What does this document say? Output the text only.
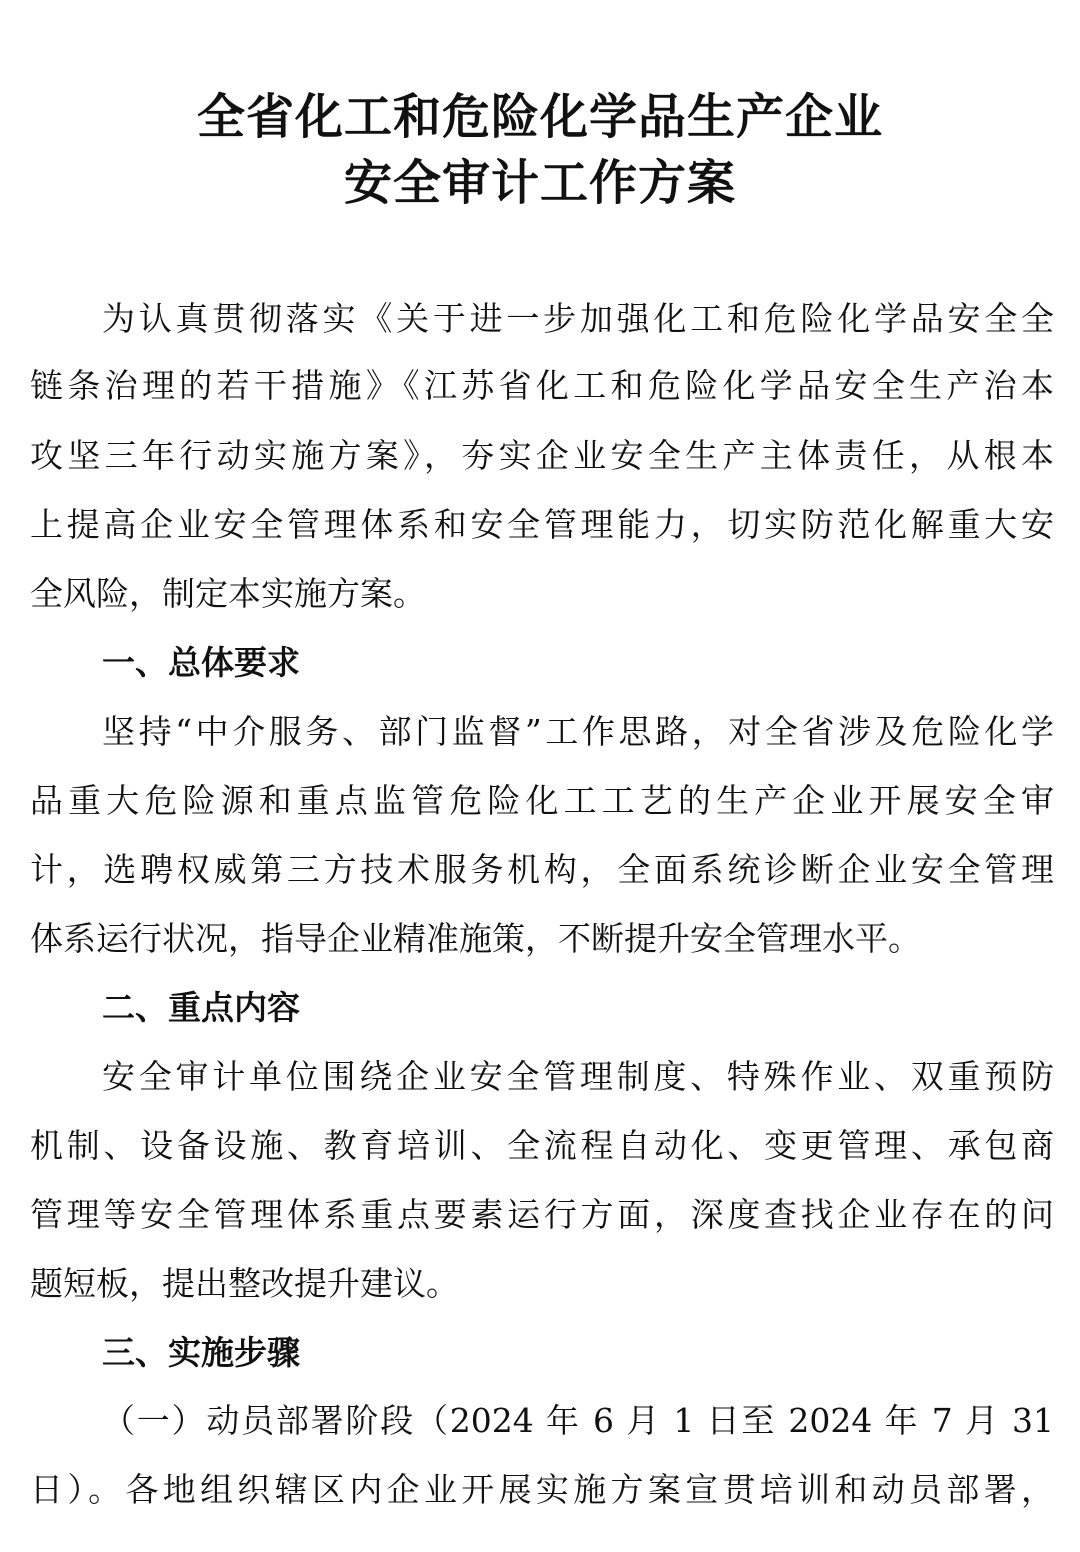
全省化工和危险化学品生产企业
安全审计工作方案
为认真贯彻落实《关于进一步加强化工和危险化学品安全全
链条治理的若干措施》《江苏省化工和危险化学品安全生产治本
攻坚三年行动实施方案》，夯实企业安全生产主体责任，从根本
上提高企业安全管理体系和安全管理能力，切实防范化解重大安
全风险，制定本实施方案。
一、总体要求
坚持“中介服务、部门监督”工作思路，对全省涉及危险化学
品重大危险源和重点监管危险化工工艺的生产企业开展安全审
计，选聘权威第三方技术服务机构，全面系统诊断企业安全管理
体系运行状况，指导企业精准施策，不断提升安全管理水平。
二、重点内容
安全审计单位围绕企业安全管理制度、特殊作业、双重预防
机制、设备设施、教育培训、全流程自动化、变更管理、承包商
管理等安全管理体系重点要素运行方面，深度查找企业存在的问
题短板，提出整改提升建议。
三、实施步骤
（一）动员部署阶段（2024 年 6 月 1 日至 2024 年 7 月 31
日）。各地组织辖区内企业开展实施方案宣贯培训和动员部署，
